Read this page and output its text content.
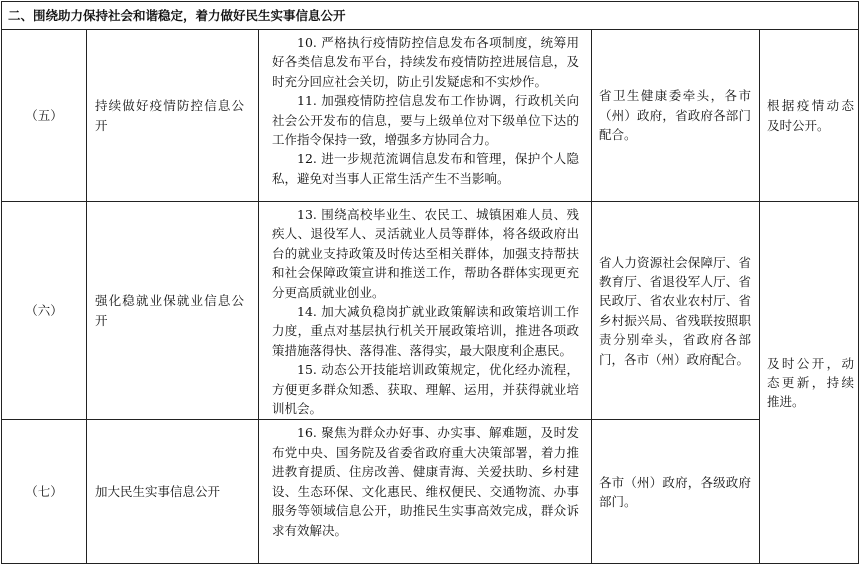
二、围绕助力保持社会和谐稳定，着力做好民生实事信息公开				
（五）	持续做好疫情防控信息公开	10. 严格执行疫情防控信息发布各项制度，统筹用好各类信息发布平台，持续发布疫情防控进展信息，及时充分回应社会关切，防止引发疑虑和不实炒作。

11. 加强疫情防控信息发布工作协调，行政机关向社会公开发布的信息，要与上级单位对下级单位下达的工作指令保持一致，增强多方协同合力。

12. 进一步规范流调信息发布和管理，保护个人隐私，避免对当事人正常生活产生不当影响。	省卫生健康委牵头，各市（州）政府，省政府各部门配合。	根据疫情动态及时公开。
（六）	强化稳就业保就业信息公开	13. 围绕高校毕业生、农民工、城镇困难人员、残疾人、退役军人、灵活就业人员等群体，将各级政府出台的就业支持政策及时传达至相关群体，加强支持帮扶和社会保障政策宣讲和推送工作，帮助各群体实现更充分更高质就业创业。

14. 加大减负稳岗扩就业政策解读和政策培训工作力度，重点对基层执行机关开展政策培训，推进各项政策措施落得快、落得准、落得实，最大限度利企惠民。

15. 动态公开技能培训政策规定，优化经办流程，方便更多群众知悉、获取、理解、运用，并获得就业培训机会。	省人力资源社会保障厅、省教育厅、省退役军人厅、省民政厅、省农业农村厅、省乡村振兴局、省残联按照职责分别牵头，省政府各部门，各市（州）政府配合。	及时公开，动态更新，持续推进。
（七）	加大民生实事信息公开	16. 聚焦为群众办好事、办实事、解难题，及时发布党中央、国务院及省委省政府重大决策部署，着力推进教育提质、住房改善、健康青海、关爱扶助、乡村建设、生态环保、文化惠民、维权便民、交通物流、办事服务等领域信息公开，助推民生实事高效完成，群众诉求有效解决。	各市（州）政府，各级政府部门。	
